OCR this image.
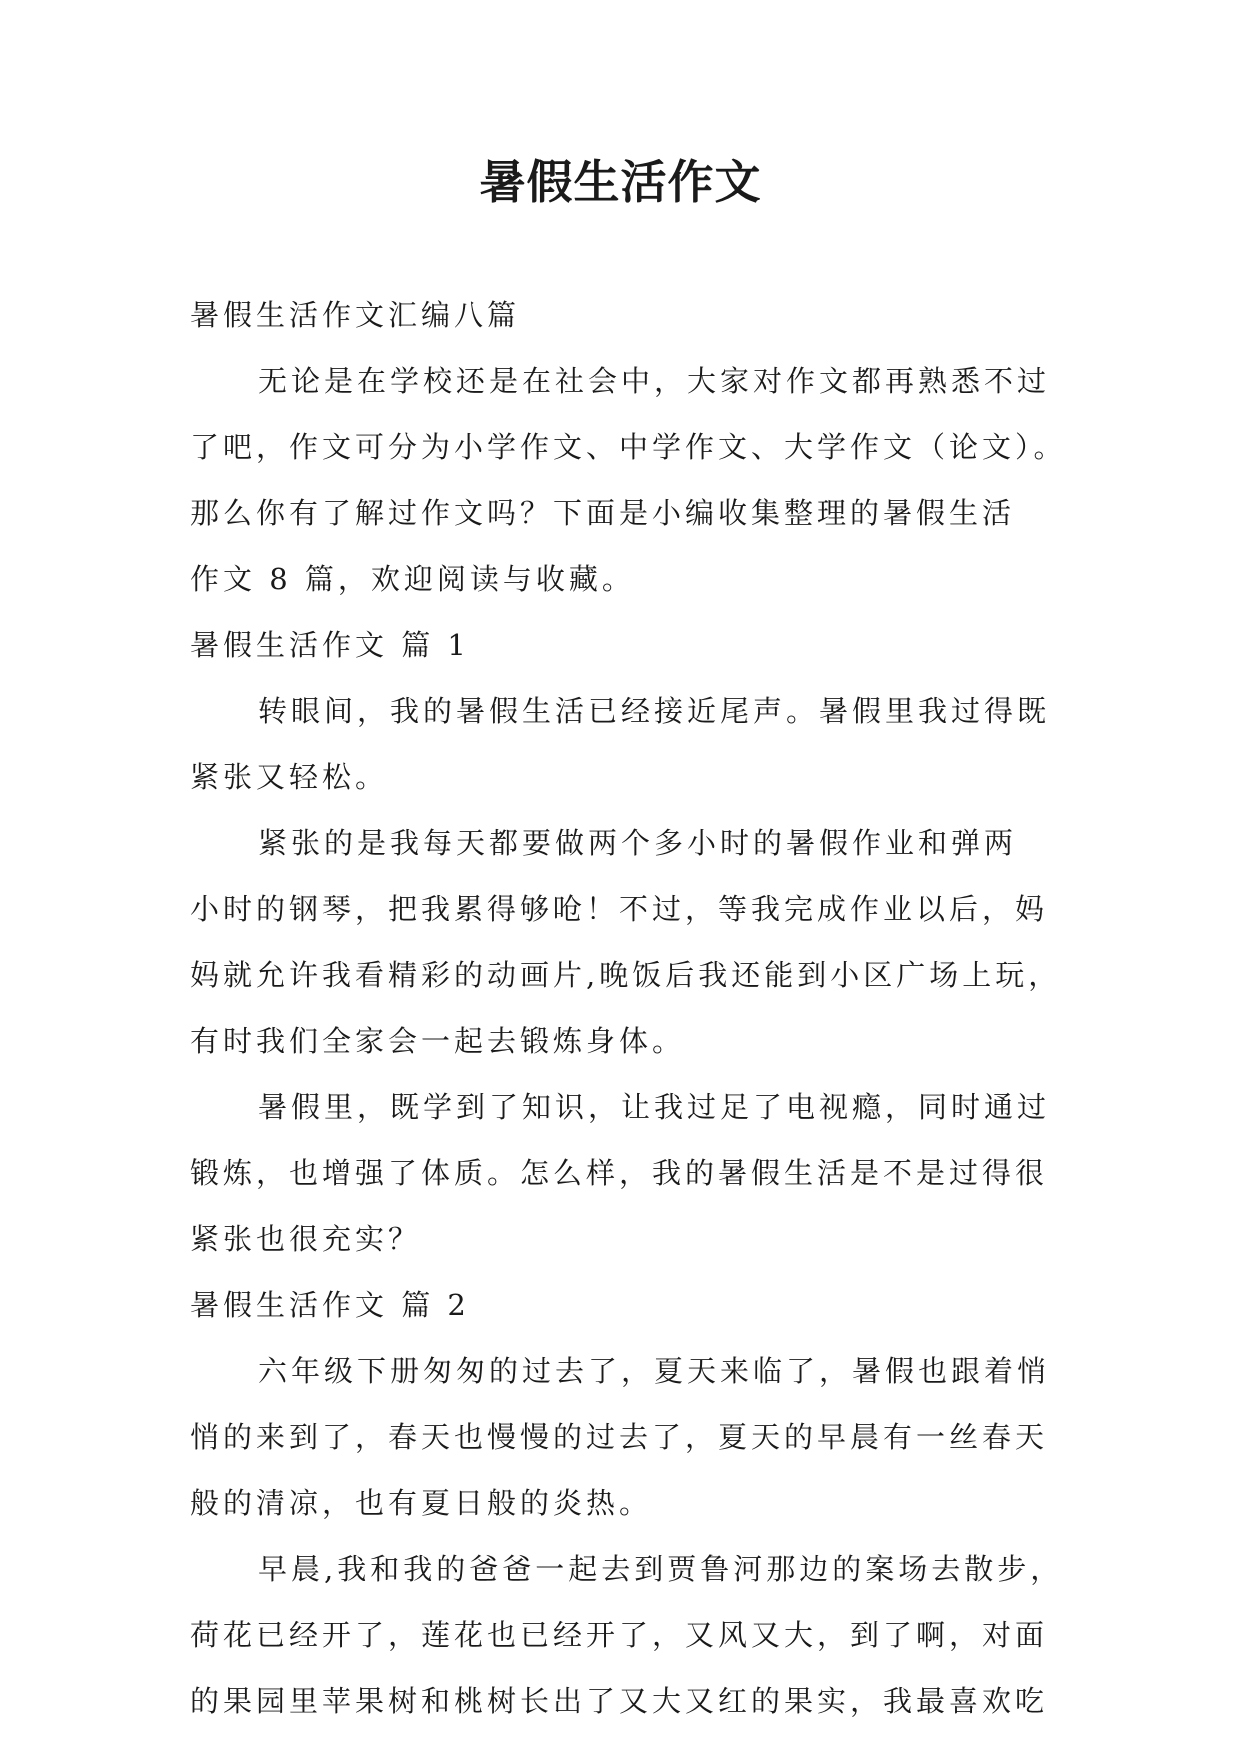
暑假生活作文
暑假生活作文汇编八篇
无论是在学校还是在社会中，大家对作文都再熟悉不过
了吧，作文可分为小学作文、中学作文、大学作文（论文）。
那么你有了解过作文吗？下面是小编收集整理的暑假生活
作文 8 篇，欢迎阅读与收藏。
暑假生活作文 篇 1
转眼间，我的暑假生活已经接近尾声。暑假里我过得既
紧张又轻松。
紧张的是我每天都要做两个多小时的暑假作业和弹两
小时的钢琴，把我累得够呛！不过，等我完成作业以后，妈
妈就允许我看精彩的动画片,晚饭后我还能到小区广场上玩，
有时我们全家会一起去锻炼身体。
暑假里，既学到了知识，让我过足了电视瘾，同时通过
锻炼，也增强了体质。怎么样，我的暑假生活是不是过得很
紧张也很充实？
暑假生活作文 篇 2
六年级下册匆匆的过去了，夏天来临了，暑假也跟着悄
悄的来到了，春天也慢慢的过去了，夏天的早晨有一丝春天
般的清凉，也有夏日般的炎热。
早晨,我和我的爸爸一起去到贾鲁河那边的案场去散步，
荷花已经开了，莲花也已经开了，又风又大，到了啊，对面
的果园里苹果树和桃树长出了又大又红的果实，我最喜欢吃
